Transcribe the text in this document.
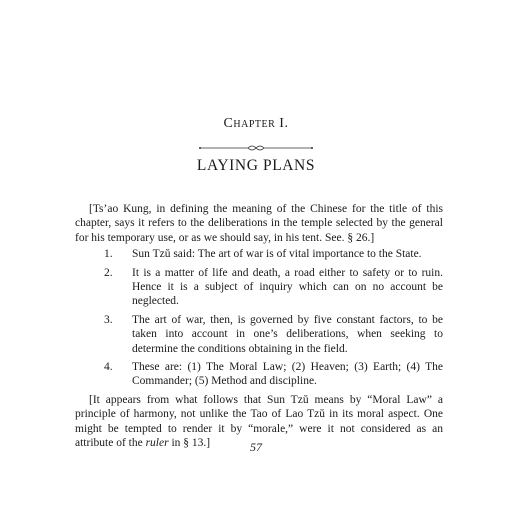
Chapter I.
LAYING PLANS

[Ts’ao Kung, in defining the meaning of the Chinese for the title of this chapter, says it refers to the deliberations in the temple selected by the general for his temporary use, or as we should say, in his tent. See. § 26.]

1. Sun Tzŭ said: The art of war is of vital importance to the State.
2. It is a matter of life and death, a road either to safety or to ruin. Hence it is a subject of inquiry which can on no account be neglected.
3. The art of war, then, is governed by five constant factors, to be taken into account in one’s deliberations, when seeking to determine the conditions obtaining in the field.
4. These are: (1) The Moral Law; (2) Heaven; (3) Earth; (4) The Commander; (5) Method and discipline.

[It appears from what follows that Sun Tzŭ means by “Moral Law” a principle of harmony, not unlike the Tao of Lao Tzŭ in its moral aspect. One might be tempted to render it by “morale,” were it not considered as an attribute of the ruler in § 13.]	57
